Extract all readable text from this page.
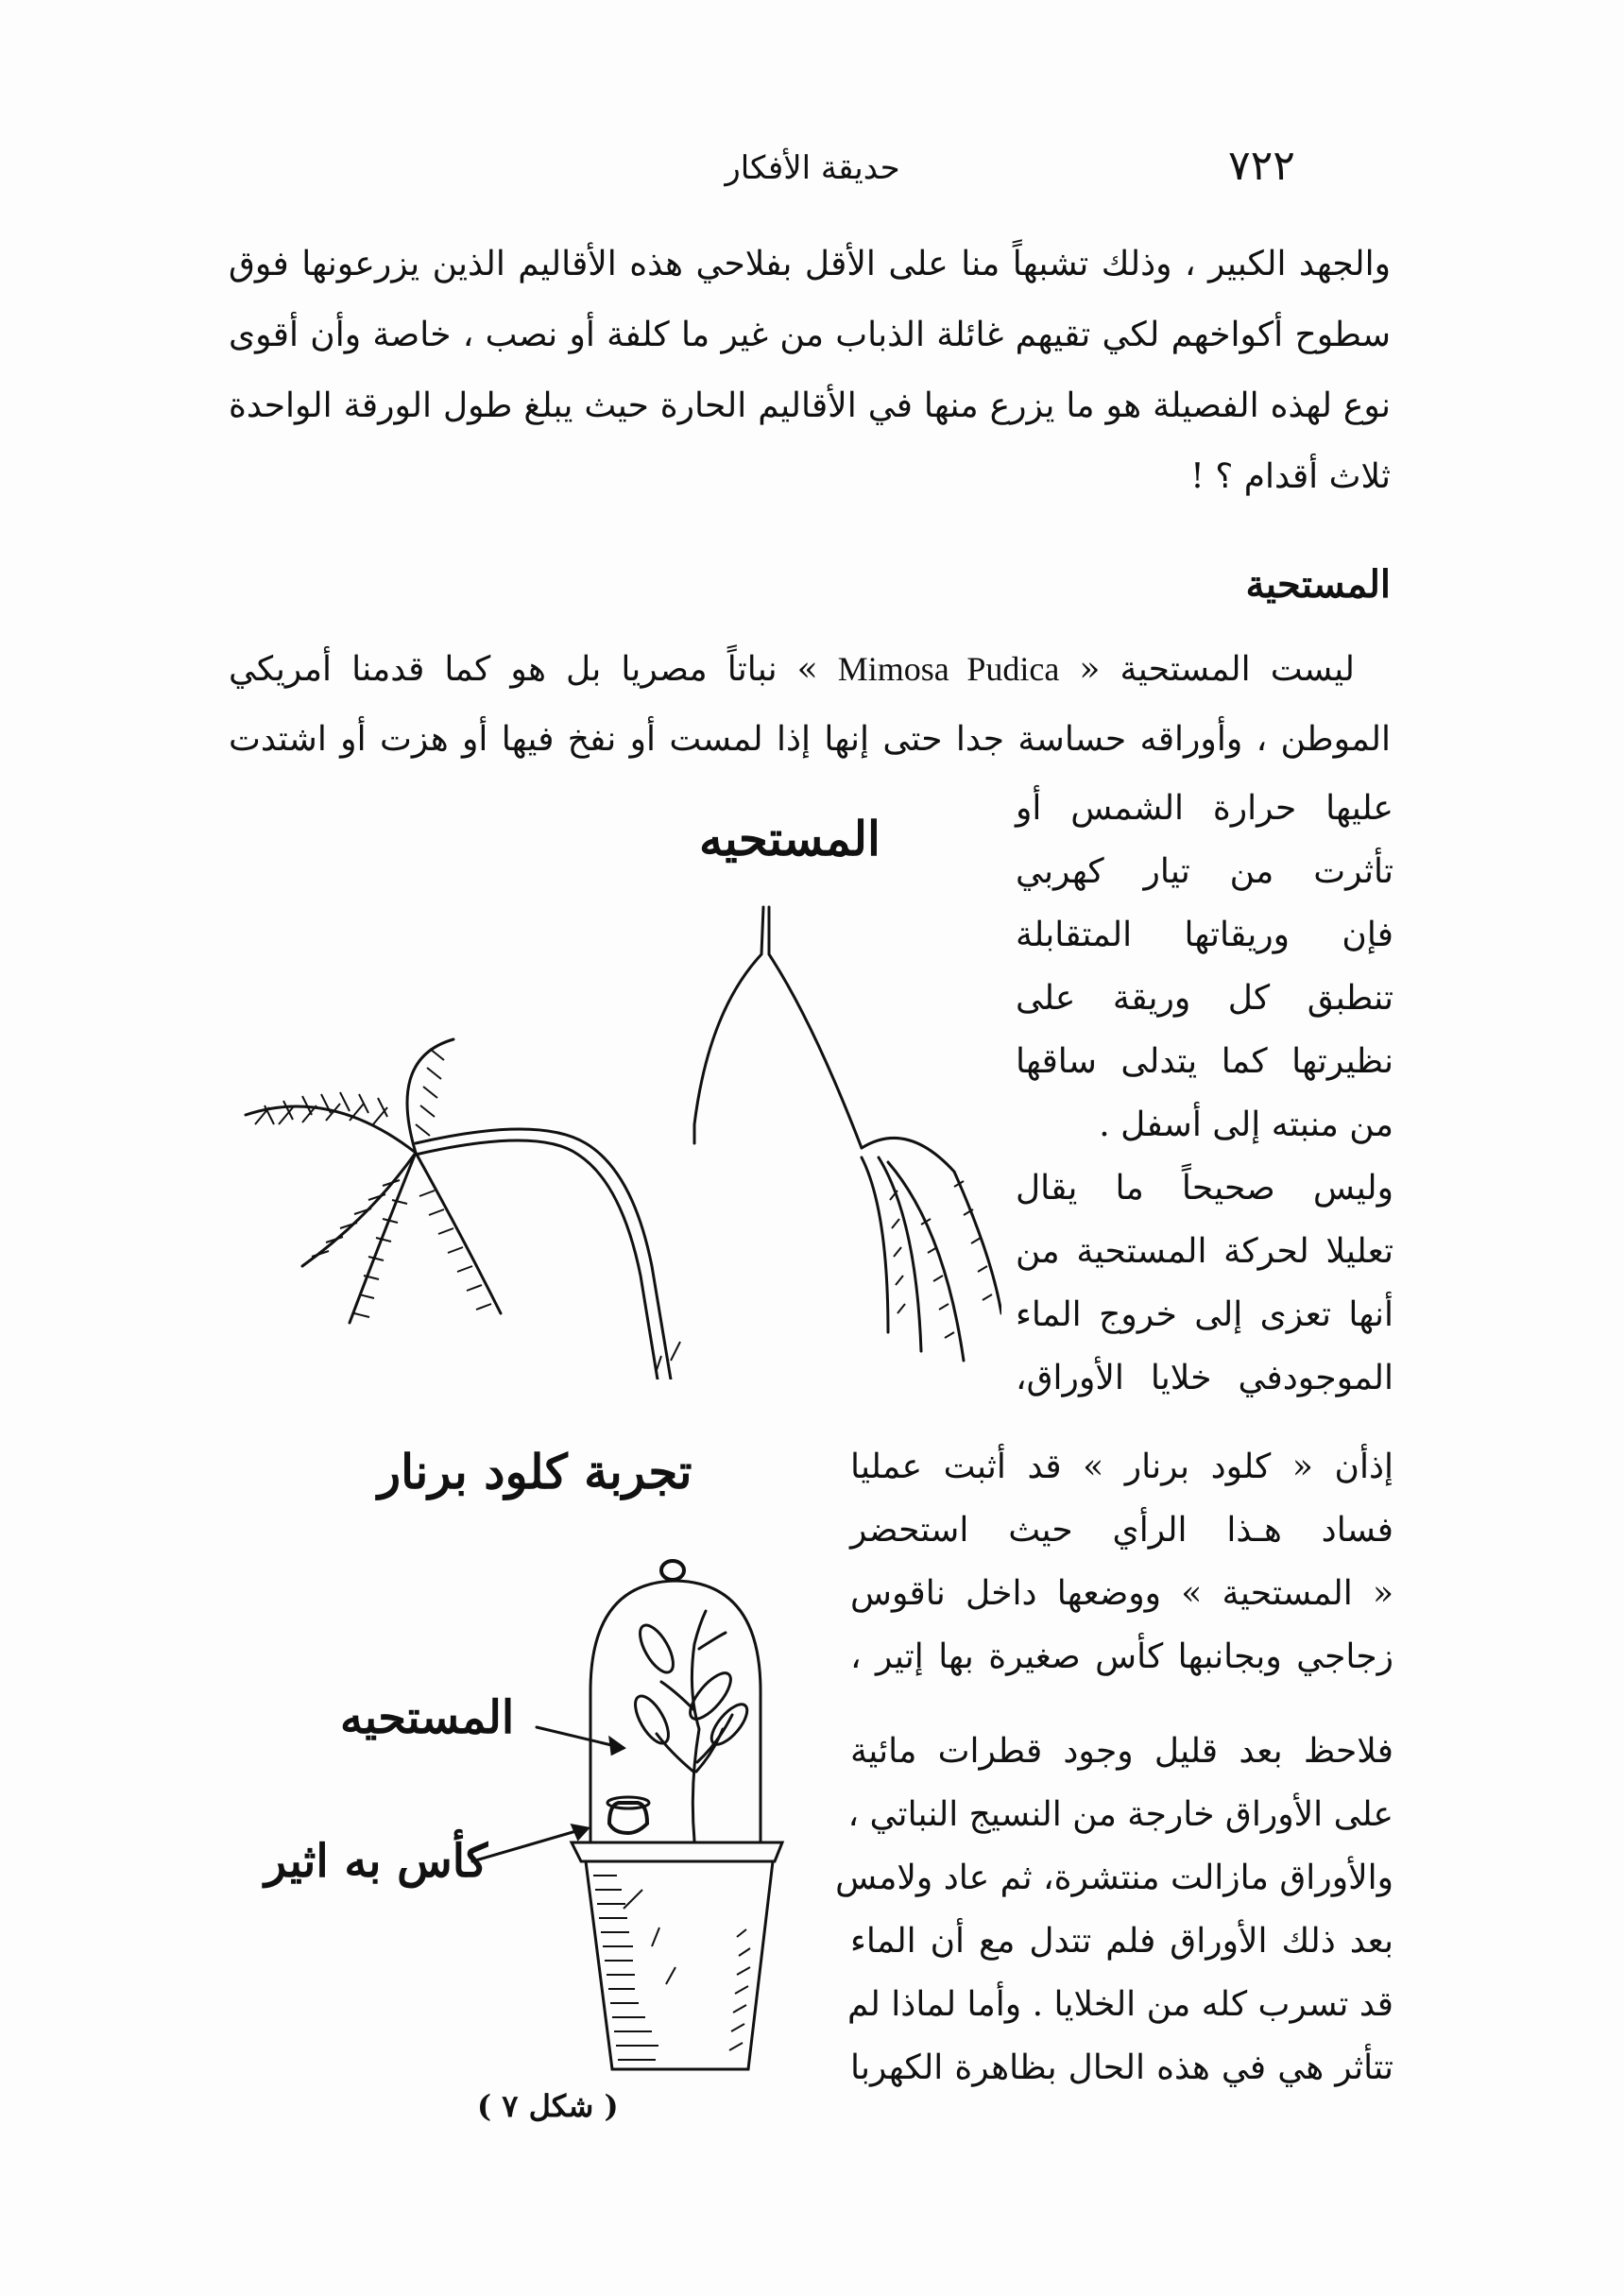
٧٢٢
حديقة الأفكار
والجهد الكبير ، وذلك تشبهاً منا على الأقل بفلاحي هذه الأقاليم الذين يزرعونها فوق
سطوح أكواخهم لكي تقيهم غائلة الذباب من غير ما كلفة أو نصب ، خاصة وأن أقوى
نوع لهذه الفصيلة هو ما يزرع منها في الأقاليم الحارة حيث يبلغ طول الورقة الواحدة
ثلاث أقدام ؟ !
المستحية
ليست المستحية « Mimosa Pudica » نباتاً مصريا بل هو كما قدمنا أمريكي
الموطن ، وأوراقه حساسة جدا حتى إنها إذا لمست أو نفخ فيها أو هزت أو اشتدت
عليها حرارة الشمس أو
تأثرت من تيار كهربي
فإن وريقاتها المتقابلة
تنطبق كل وريقة على
نظيرتها كما يتدلى ساقها
من منبته إلى أسفل .
وليس صحيحاً ما يقال
تعليلا لحركة المستحية من
أنها تعزى إلى خروج الماء
الموجودفي خلايا الأوراق،
إذأن « كلود برنار » قد أثبت عمليا
فساد هـذا الرأي حيث استحضر
« المستحية » ووضعها داخل ناقوس
زجاجي وبجانبها كأس صغيرة بها إتير ،
فلاحظ بعد قليل وجود قطرات مائية
على الأوراق خارجة من النسيج النباتي ،
والأوراق مازالت منتشرة، ثم عاد ولامس
بعد ذلك الأوراق فلم تتدل مع أن الماء
قد تسرب كله من الخلايا . وأما لماذا لم
تتأثر هي في هذه الحال بظاهرة الكهربا
المستحيه
تجربة كلود برنار
المستحيه
كأس به اثير
( شكل ٧ )
